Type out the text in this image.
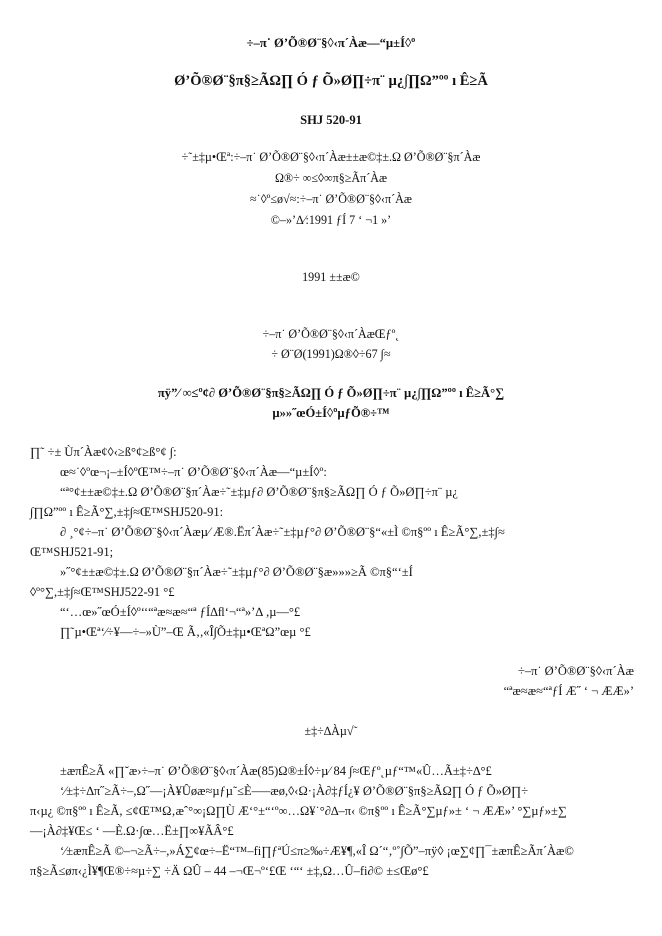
÷–π˙ Ø’Õ®Ø¨§◊‹π´Àæ––“µ±Í◊º
Ø’Õ®Ø¨§π§≥ÃΩ∏ Ó ƒ Õ»Ø∏÷π¨ µ¿∫∏Ω”ºº ı Ê≥Ã
SHJ 520-91
÷˜±‡µ•Œª:÷–π˙ Ø’Õ®Ø¨§◊‹π´Àæ±±æ©‡±.Ω Ø’Õ®Ø¨§π´Àæ
Ω®÷ ∞≤◊∞π§≥Ãπ´Àæ
≈˙◊º≤ø√≈:÷–π˙ Ø’Õ®Ø¨§◊‹π´Àæ
©–»’∆⁄:1991 ƒÍ 7 ‘ ¬1 »’
1991 ±±æ©
÷–π˙ Ø’Õ®Ø¨§◊‹π´ÀæŒƒº˛
÷ Ø¨Ø(1991)Ω®◊÷67 ∫≈
πÿ”⁄ ∞≤º¢∂ Ø’Õ®Ø¨§π§≥ÃΩ∏ Ó ƒ Õ»Ø∏÷π¨ µ¿∫∏Ω”ºº ı Ê≥Ã°∑
µ»»˝œÓ±Í◊ºµƒÕ®÷™
∏˜ ÷± Ùπ´Àæ¢◊‹≥ß°¢≥ß°¢ ∫:
œ≈˙◊ºœ¬¡–±Í◊ºŒ™÷–π˙ Ø’Õ®Ø¨§◊‹π´Àæ––“µ±Í◊º:
“ª°¢±±æ©‡±.Ω Ø’Õ®Ø¨§π´Àæ÷˜±‡µƒ∂ Ø’Õ®Ø¨§π§≥ÃΩ∏ Ó ƒ Õ»Ø∏÷π¨ µ¿
∫∏Ω”ºº ı Ê≥Ã°∑,±‡∫≈Œ™SHJ520-91:
∂ ¸°¢÷–π˙ Ø’Õ®Ø¨§◊‹π´Àæµ⁄ Æ®.Ëπ´Àæ÷˜±‡µƒ°∂ Ø’Õ®Ø¨§“«±Ì ©π§ºº ı Ê≥Ã°∑,±‡∫≈
Œ™SHJ521-91;
»˝°¢±±æ©‡±.Ω Ø’Õ®Ø¨§π´Àæ÷˜±‡µƒ°∂ Ø’Õ®Ø¨§æ»»»≥Ã ©π§“‘±Í
◊º°∑,±‡∫≈Œ™SHJ522-91 °£
“‘…œ»˝œÓ±Í◊º‘‘“ªæ≈æ≈“ª ƒÍ∆ﬂ‘¬“ª»’∆ ,µ––°£
∏˜µ•Œª‘⁄÷¥––÷–»Ù”–Œ Ã‚,«Î∫Õ±‡µ•ŒªΩ”œµ °£
÷–π˙ Ø’Õ®Ø¨§◊‹π´Àæ
“ªæ≈æ≈“ªƒÍ Æ˝ ‘ ¬ ÆÆ»’
±‡÷∆Àµ√˜
±æπÊ≥Ã «∏˘æ›÷–π˙ Ø’Õ®Ø¨§◊‹π´Àæ(85)Ω®±Í◊÷µ⁄ 84 ∫≈Œƒº˛µƒ“™«Û…Ã±‡÷∆°£
‘⁄±‡÷∆π˝≥Ã÷–,Ω˝––¡À¥Ûøæ≈µƒµ˜≤È—–æø,◊‹Ω·¡À∂‡ƒÍ¿¥ Ø’Õ®Ø¨§π§≥ÃΩ∏ Ó ƒ Õ»Ø∏÷
π‹µ¿ ©π§ºº ı Ê≥Ã, ≤¢Œ™Ω‚æˆ°∞¡Ω∏Ù Æ‘°±“‘º∞…Ω¥˙°∂∆–π‹ ©π§ºº ı Ê≥Ã°∑µƒ»± ‘ ¬ ÆÆ»’ °∑µƒ»±∑
––¡À∂‡¥Œ≤ ‘ —È.Ω·∫œ…Ë±∏∞¥ÃÂ°£
‘⁄±æπÊ≥Ã ©–¬≥Ã÷–,»Á∑¢œ÷–Ë“™–fi∏ƒªÚ≤π≥‰÷Æ¥¶,«Î Ω´“‚º˚∫Õ”–πÿ◊ ¡œ∑¢∏¯±æπÊ≥Ãπ´Àæ©
π§≥Ã≤øπ‹¿Ì¥¶Œ®÷≈µ÷∑ ÷Ä ΩÛ – 44 –¬Œ¬º‘£Œ ‘“‘ ±‡,Ω…Û–fi∂© ±≤Œø°£
